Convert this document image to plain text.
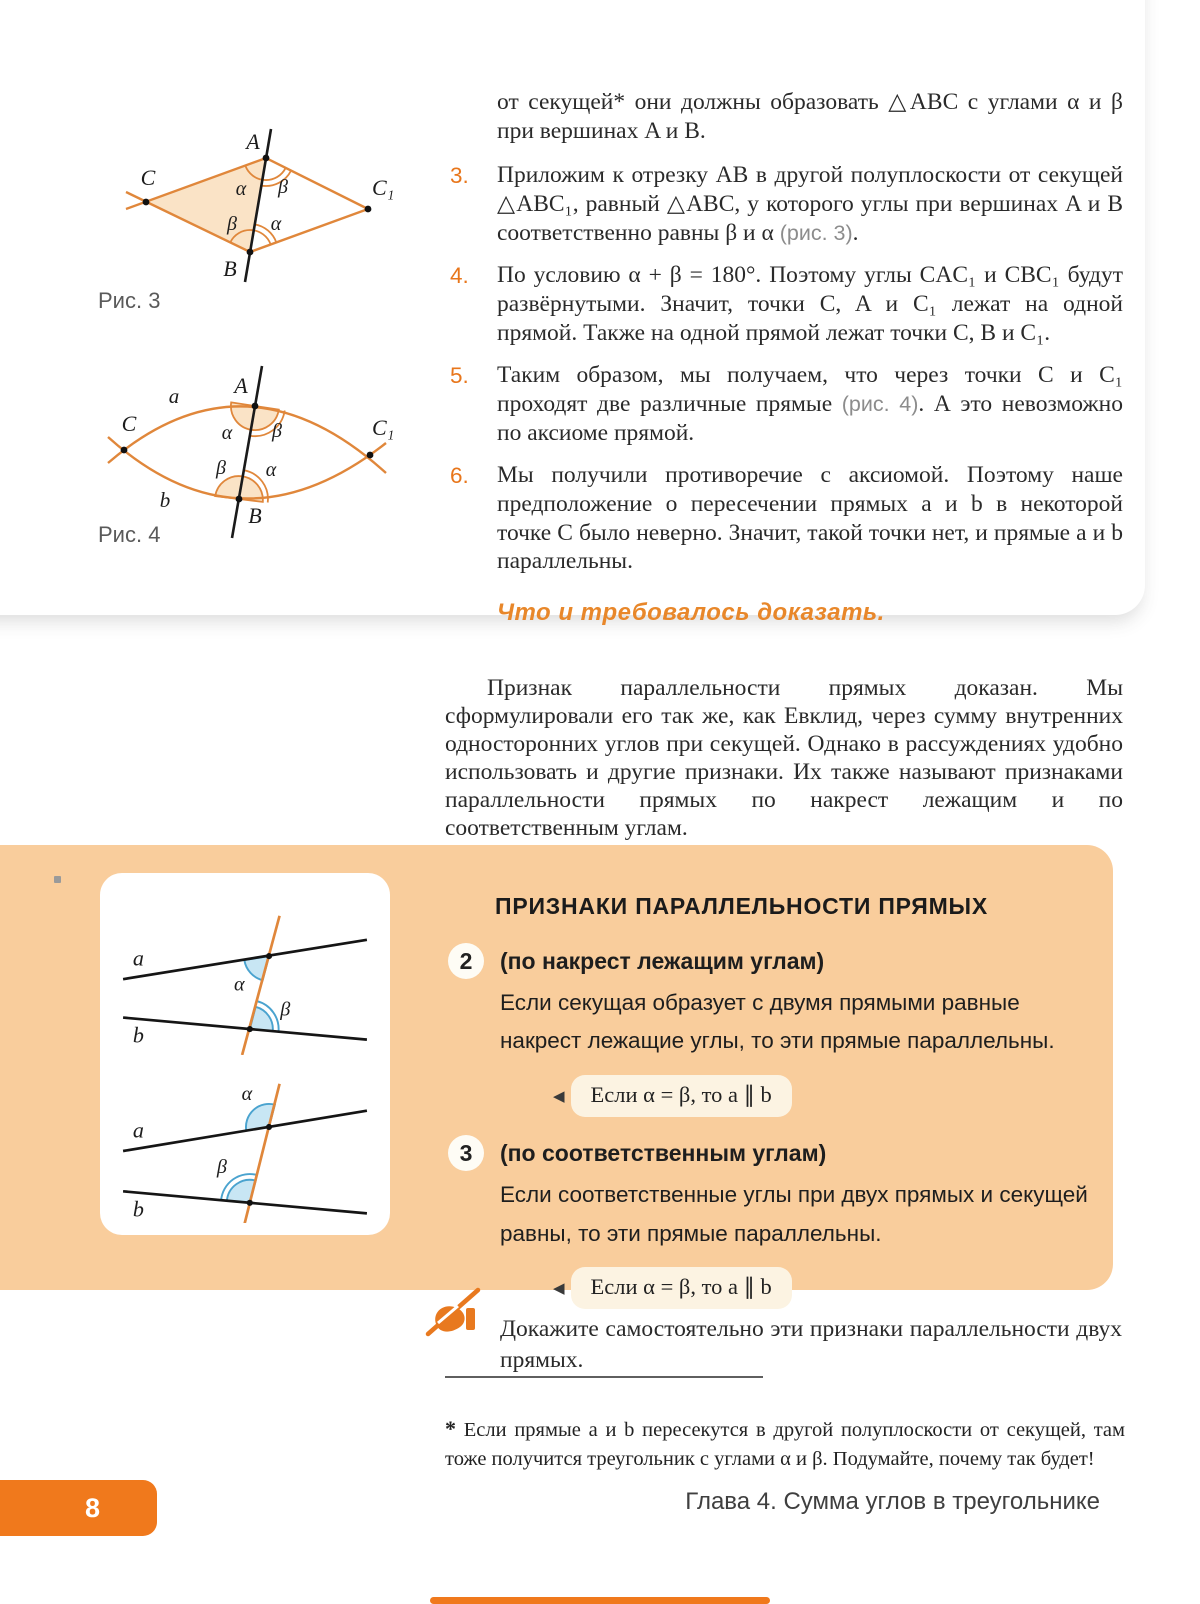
A
C	C₁
B
α β
β α
Рис. 3
A
C	C₁
B
a
b
α β
β α
Рис. 4

от секущей* они должны образовать △ABC с углами α и β при вершинах A и B.

3. Приложим к отрезку AB в другой полуплоскости от секущей △ABC₁, равный △ABC, у которого углы при вершинах A и B соответственно равны β и α (рис. 3).
4. По условию α + β = 180°. Поэтому углы CAC₁ и CBC₁ будут развёрнутыми. Значит, точки C, A и C₁ лежат на одной прямой. Также на одной прямой лежат точки C, B и C₁.
5. Таким образом, мы получаем, что через точки C и C₁ проходят две различные прямые (рис. 4). А это невозможно по аксиоме прямой.
6. Мы получили противоречие с аксиомой. Поэтому наше предположение о пересечении прямых a и b в некоторой точке C было неверно. Значит, такой точки нет, и прямые a и b параллельны.
Что и требовалось доказать.

Признак параллельности прямых доказан. Мы сформулировали его так же, как Евклид, через сумму внутренних односторонних углов при секущей. Однако в рассуждениях удобно использовать и другие признаки. Их также называют признаками параллельности прямых по накрест лежащим и по соответственным углам.

a
b
α
β
a
b
α
β
ПРИЗНАКИ ПАРАЛЛЕЛЬНОСТИ ПРЯМЫХ
2	(по накрест лежащим углам)
Если секущая образует с двумя прямыми равные накрест лежащие углы, то эти прямые параллельны.
◀	Если α = β, то a ∥ b
3	(по соответственным углам)
Если соответственные углы при двух прямых и секущей равны, то эти прямые параллельны.
◀	Если α = β, то a ∥ b

Докажите самостоятельно эти признаки параллельности двух прямых.

* Если прямые a и b пересекутся в другой полуплоскости от секущей, там тоже получится треугольник с углами α и β. Подумайте, почему так будет!

8	Глава 4. Сумма углов в треугольнике
